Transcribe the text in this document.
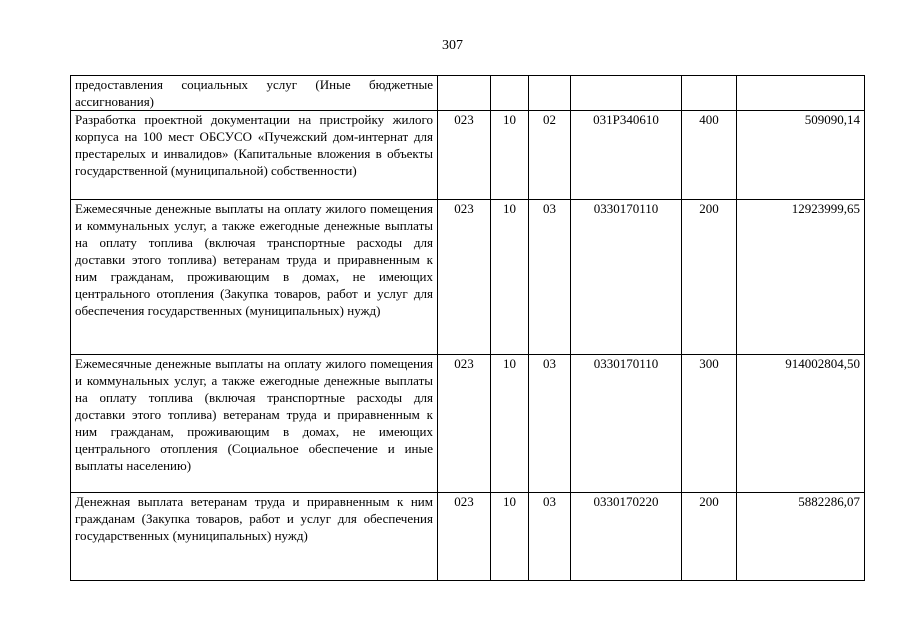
307
предоставления социальных услуг (Иные бюджетные ассигнования)						
Разработка проектной документации на пристройку жилого корпуса на 100 мест ОБСУСО «Пучежский дом-интернат для престарелых и инвалидов» (Капитальные вложения в объекты государственной (муниципальной) собственности)	023	10	02	031P340610	400	509090,14
Ежемесячные денежные выплаты на оплату жилого помещения и коммунальных услуг, а также ежегодные денежные выплаты на оплату топлива (включая транспортные расходы для доставки этого топлива) ветеранам труда и приравненным к ним гражданам, проживающим в домах, не имеющих центрального отопления (Закупка товаров, работ и услуг для обеспечения государственных (муниципальных) нужд)	023	10	03	0330170110	200	12923999,65
Ежемесячные денежные выплаты на оплату жилого помещения и коммунальных услуг, а также ежегодные денежные выплаты на оплату топлива (включая транспортные расходы для доставки этого топлива) ветеранам труда и приравненным к ним гражданам, проживающим в домах, не имеющих центрального отопления (Социальное обеспечение и иные выплаты населению)	023	10	03	0330170110	300	914002804,50
Денежная выплата ветеранам труда и приравненным к ним гражданам (Закупка товаров, работ и услуг для обеспечения государственных (муниципальных) нужд)	023	10	03	0330170220	200	5882286,07
